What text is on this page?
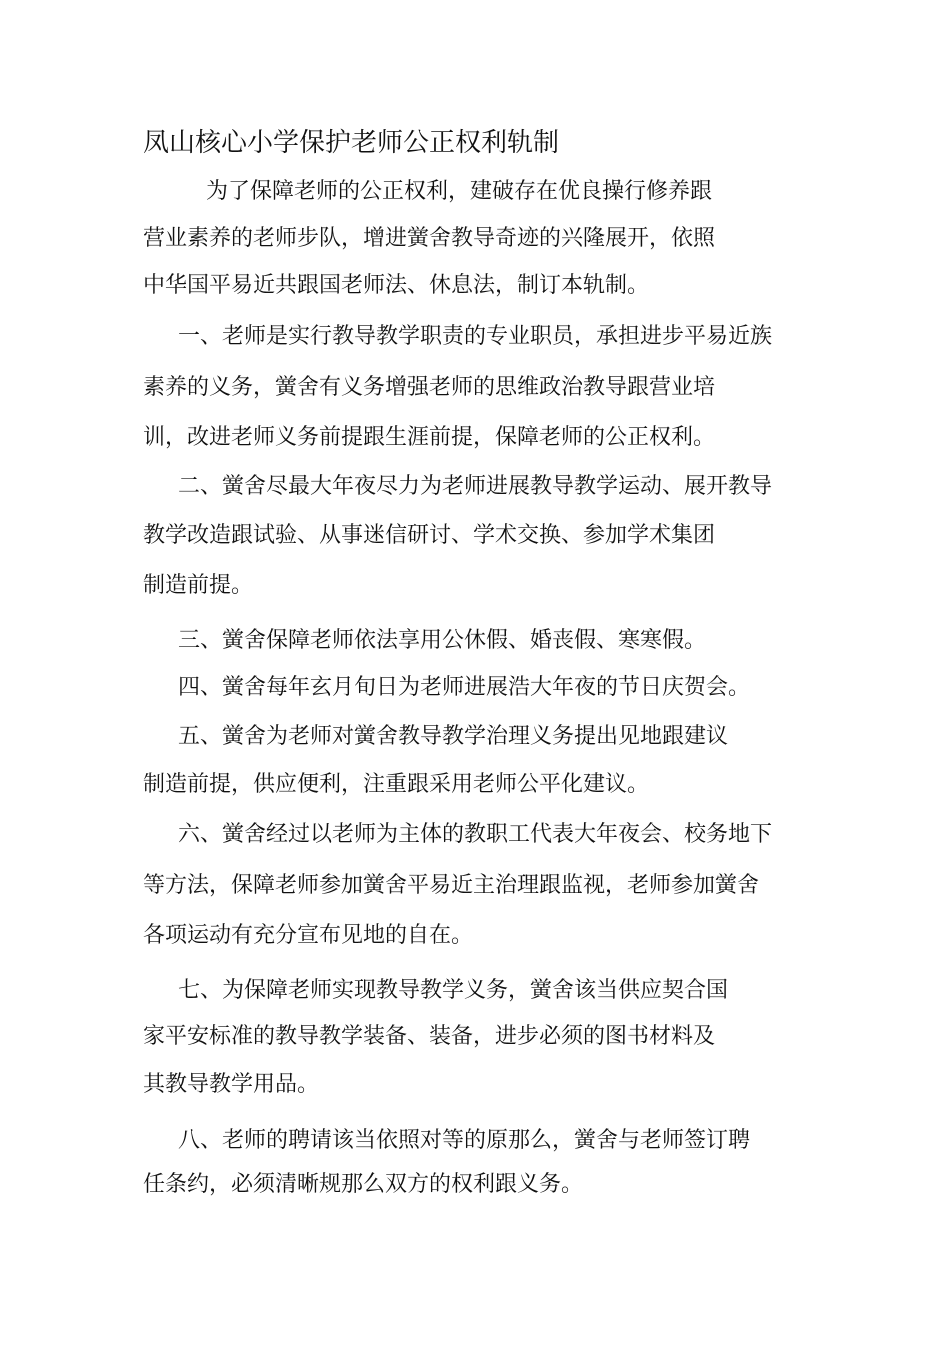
凤山核心小学保护老师公正权利轨制
为了保障老师的公正权利，建破存在优良操行修养跟
营业素养的老师步队，增进黉舍教导奇迹的兴隆展开，依照
中华国平易近共跟国老师法、休息法，制订本轨制。
一、老师是实行教导教学职责的专业职员，承担进步平易近族
素养的义务，黉舍有义务增强老师的思维政治教导跟营业培
训，改进老师义务前提跟生涯前提，保障老师的公正权利。
二、黉舍尽最大年夜尽力为老师进展教导教学运动、展开教导
教学改造跟试验、从事迷信研讨、学术交换、参加学术集团
制造前提。
三、黉舍保障老师依法享用公休假、婚丧假、寒寒假。
四、黉舍每年玄月旬日为老师进展浩大年夜的节日庆贺会。
五、黉舍为老师对黉舍教导教学治理义务提出见地跟建议
制造前提，供应便利，注重跟采用老师公平化建议。
六、黉舍经过以老师为主体的教职工代表大年夜会、校务地下
等方法，保障老师参加黉舍平易近主治理跟监视，老师参加黉舍
各项运动有充分宣布见地的自在。
七、为保障老师实现教导教学义务，黉舍该当供应契合国
家平安标准的教导教学装备、装备，进步必须的图书材料及
其教导教学用品。
八、老师的聘请该当依照对等的原那么，黉舍与老师签订聘
任条约，必须清晰规那么双方的权利跟义务。
